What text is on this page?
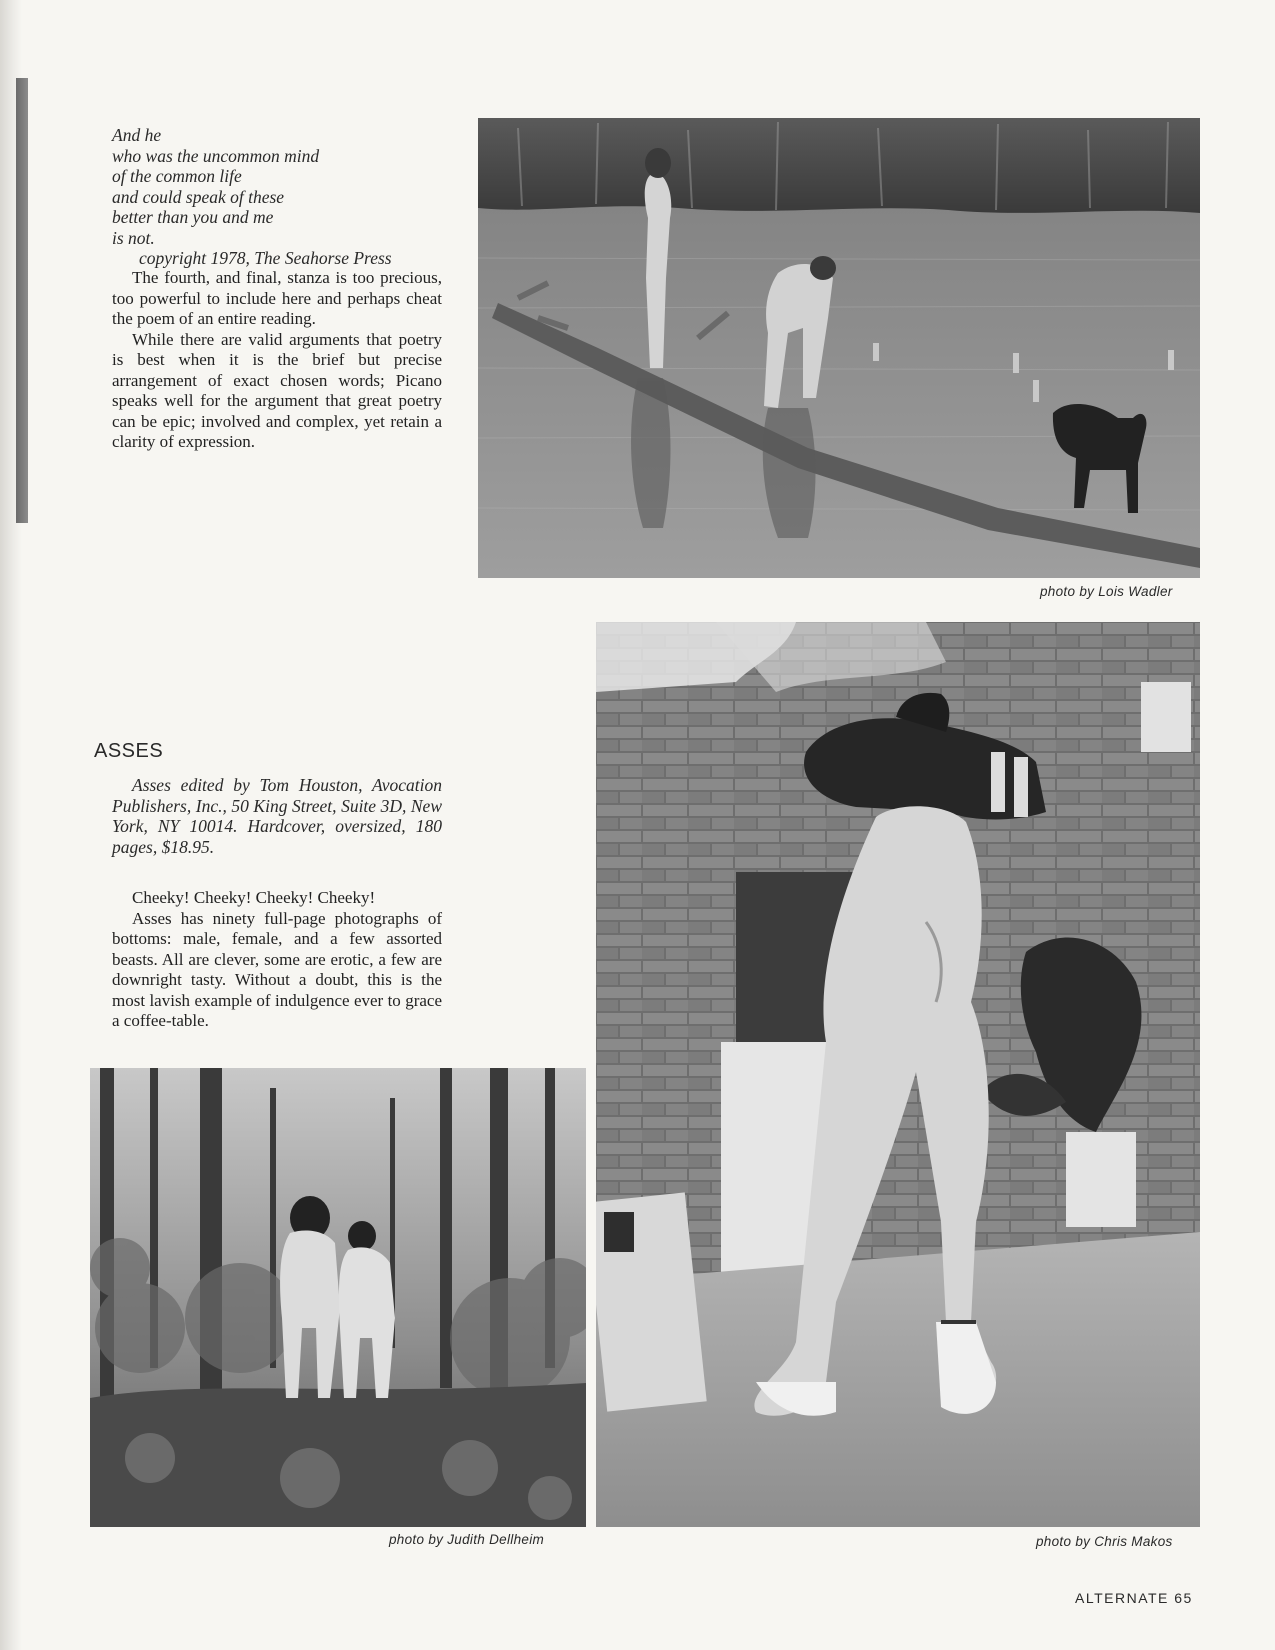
And he
who was the uncommon mind
of the common life
and could speak of these
better than you and me
is not.
copyright 1978, The Seahorse Press

The fourth, and final, stanza is too precious, too powerful to include here and perhaps cheat the poem of an entire reading.

While there are valid arguments that poetry is best when it is the brief but precise arrangement of exact chosen words; Picano speaks well for the argument that great poetry can be epic; involved and complex, yet retain a clarity of expression.

photo by Lois Wadler
ASSES
Asses edited by Tom Houston, Avocation Publishers, Inc., 50 King Street, Suite 3D, New York, NY 10014. Hardcover, oversized, 180 pages, $18.95.

Cheeky! Cheeky! Cheeky! Cheeky!

Asses has ninety full-page photographs of bottoms: male, female, and a few assorted beasts. All are clever, some are erotic, a few are downright tasty. Without a doubt, this is the most lavish example of indulgence ever to grace a coffee-table.

photo by Chris Makos
photo by Judith Dellheim
ALTERNATE 65
